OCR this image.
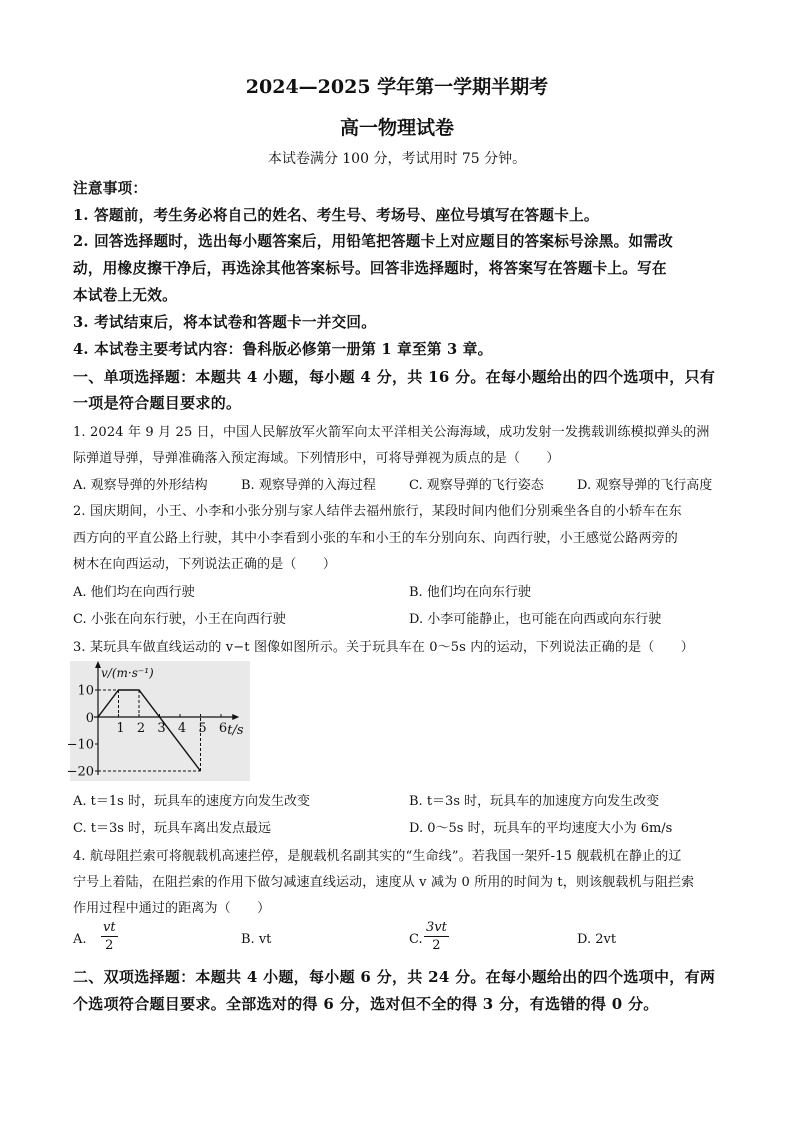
2024—2025 学年第一学期半期考
高一物理试卷
本试卷满分 100 分，考试用时 75 分钟。
注意事项：
1. 答题前，考生务必将自己的姓名、考生号、考场号、座位号填写在答题卡上。
2. 回答选择题时，选出每小题答案后，用铅笔把答题卡上对应题目的答案标号涂黑。如需改
动，用橡皮擦干净后，再选涂其他答案标号。回答非选择题时，将答案写在答题卡上。写在
本试卷上无效。
3. 考试结束后，将本试卷和答题卡一并交回。
4. 本试卷主要考试内容：鲁科版必修第一册第 1 章至第 3 章。
一、单项选择题：本题共 4 小题，每小题 4 分，共 16 分。在每小题给出的四个选项中，只有
一项是符合题目要求的。
1. 2024 年 9 月 25 日，中国人民解放军火箭军向太平洋相关公海海域，成功发射一发携载训练模拟弹头的洲
际弹道导弹，导弹准确落入预定海域。下列情形中，可将导弹视为质点的是（　　）
A. 观察导弹的外形结构	B. 观察导弹的入海过程	C. 观察导弹的飞行姿态	D. 观察导弹的飞行高度
2. 国庆期间，小王、小李和小张分别与家人结伴去福州旅行，某段时间内他们分别乘坐各自的小轿车在东
西方向的平直公路上行驶，其中小李看到小张的车和小王的车分别向东、向西行驶，小王感觉公路两旁的
树木在向西运动，下列说法正确的是（　　）
A. 他们均在向西行驶	B. 他们均在向东行驶
C. 小张在向东行驶，小王在向西行驶	D. 小李可能静止，也可能在向西或向东行驶
3. 某玩具车做直线运动的 v−t 图像如图所示。关于玩具车在 0～5s 内的运动，下列说法正确的是（　　）
1 2 3 4 5 6
10
−10
−20
0
v/(m·s⁻¹)
t/s
A. t＝1s 时，玩具车的速度方向发生改变	B. t＝3s 时，玩具车的加速度方向发生改变
C. t＝3s 时，玩具车离出发点最远	D. 0～5s 时，玩具车的平均速度大小为 6m/s
4. 航母阻拦索可将舰载机高速拦停，是舰载机名副其实的“生命线”。若我国一架歼-15 舰载机在静止的辽
宁号上着陆，在阻拦索的作用下做匀减速直线运动，速度从 v 减为 0 所用的时间为 t，则该舰载机与阻拦索
作用过程中通过的距离为（　　）
A. $\frac{vt}{2}$	B. vt	C. $\frac{3vt}{2}$	D. 2vt
二、双项选择题：本题共 4 小题，每小题 6 分，共 24 分。在每小题给出的四个选项中，有两
个选项符合题目要求。全部选对的得 6 分，选对但不全的得 3 分，有选错的得 0 分。
